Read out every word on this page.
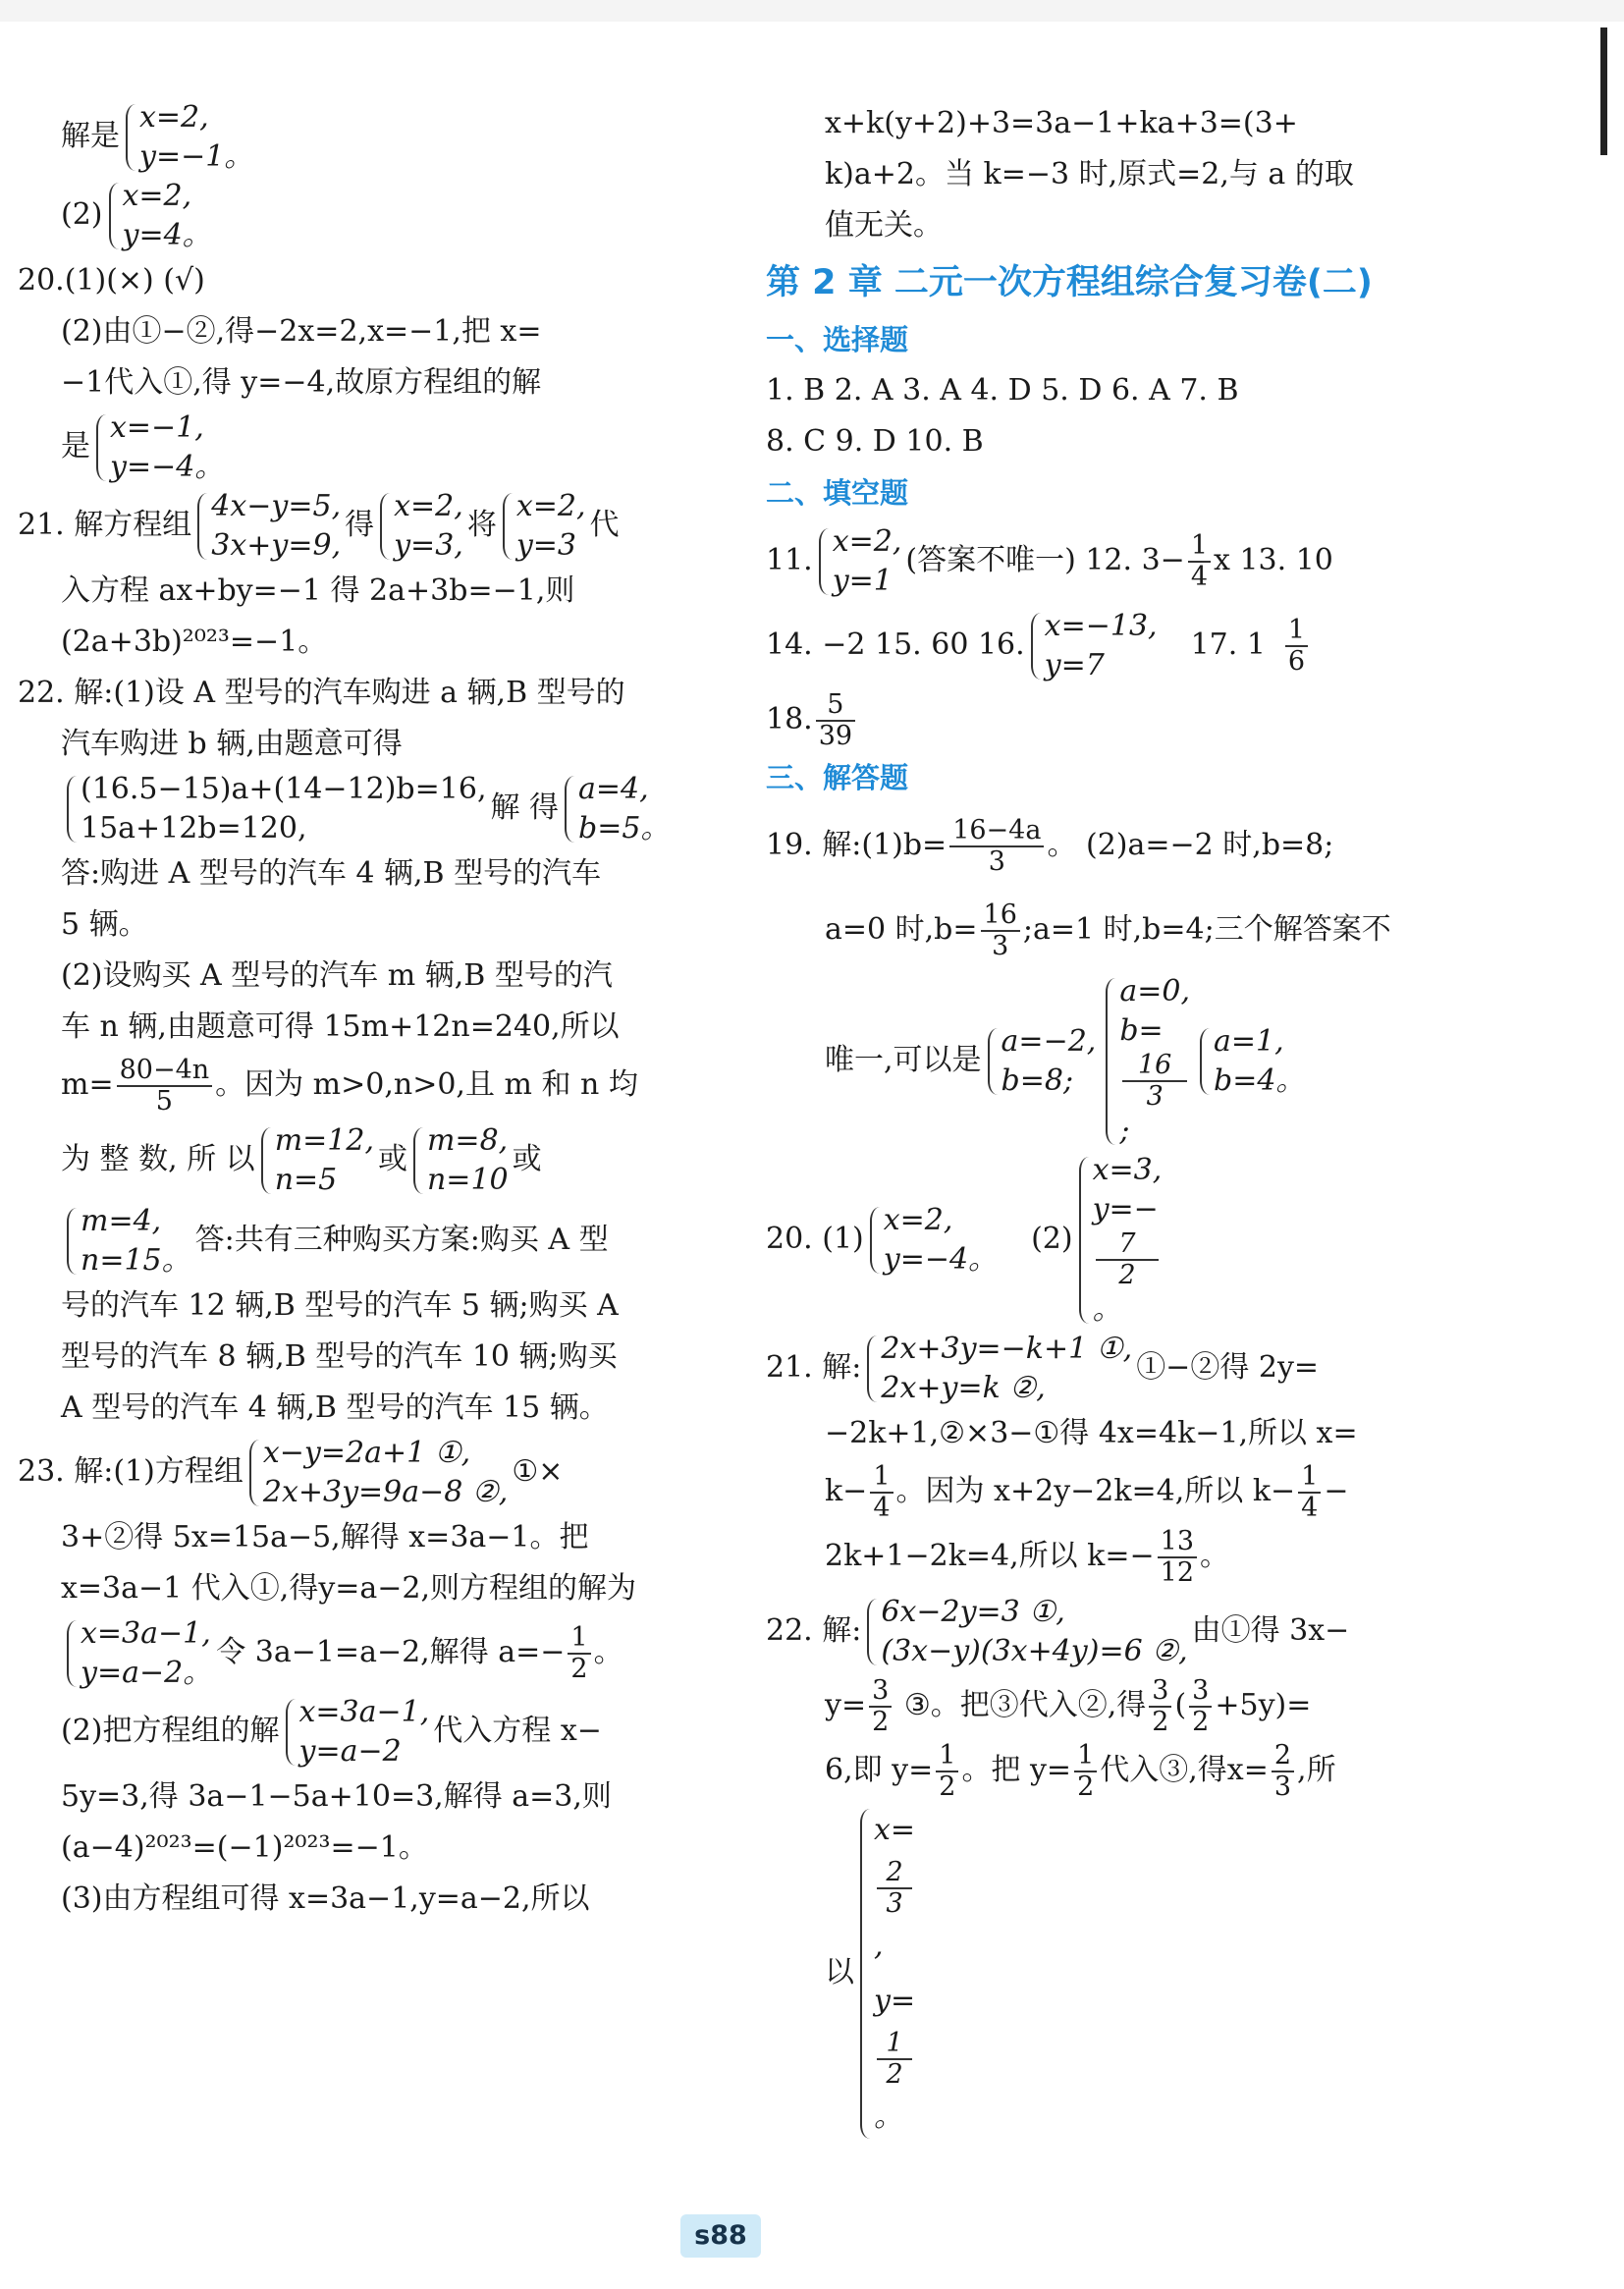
解是
x=2,
y=−1。
(2)
x=2,
y=4。
20.(1)(×) (√)
(2)由①−②,得−2x=2,x=−1,把 x=
−1代入①,得 y=−4,故原方程组的解
是
x=−1,
y=−4。
21. 解方程组
4x−y=5,
3x+y=9,
得
x=2,
y=3,
将
x=2,
y=3
代
入方程 ax+by=−1 得 2a+3b=−1,则
(2a+3b)²⁰²³=−1。
22. 解:(1)设 A 型号的汽车购进 a 辆,B 型号的
汽车购进 b 辆,由题意可得
(16.5−15)a+(14−12)b=16,
15a+12b=120,
解 得
a=4,
b=5。
答:购进 A 型号的汽车 4 辆,B 型号的汽车
5 辆。
(2)设购买 A 型号的汽车 m 辆,B 型号的汽
车 n 辆,由题意可得 15m+12n=240,所以
$m= \frac{80-4n}{5}$ 。因为 m>0,n>0,且 m 和 n 均
为 整 数, 所 以
m=12,
n=5
或
m=8,
n=10
或
m=4,
n=15。
答:共有三种购买方案:购买 A 型
号的汽车 12 辆,B 型号的汽车 5 辆;购买 A
型号的汽车 8 辆,B 型号的汽车 10 辆;购买
A 型号的汽车 4 辆,B 型号的汽车 15 辆。
23. 解:(1)方程组
x−y=2a+1 ①,
2x+3y=9a−8 ②,
①×
3+②得 5x=15a−5,解得 x=3a−1。把
x=3a−1 代入①,得y=a−2,则方程组的解为
x=3a−1,
y=a−2。
令 3a−1=a−2,解得 $a=- \frac{1}{2}$ 。
(2)把方程组的解
x=3a−1,
y=a−2
代入方程 x−
5y=3,得 3a−1−5a+10=3,解得 a=3,则
(a−4)²⁰²³=(−1)²⁰²³=−1。
(3)由方程组可得 x=3a−1,y=a−2,所以
x+k(y+2)+3=3a−1+ka+3=(3+
k)a+2。当 k=−3 时,原式=2,与 a 的取
值无关。
第 2 章 二元一次方程组综合复习卷(二)
一、选择题
1. B 2. A 3. A 4. D 5. D 6. A 7. B
8. C 9. D 10. B
二、填空题
11.
x=2,
y=1
(答案不唯一) 12. $3- \frac{1}{4}$ x 13. 10
14. −2 15. 60 16.
x=−13,
y=7
17. $1 \frac{1}{6}$
18. $\frac{5}{39}$
三、解答题
19. 解:(1)b= $\frac{16-4a}{3}$ 。 (2)a=−2 时,b=8;
a=0 时$,b= \frac{16}{3}$ ;a=1 时,b=4;三个解答案不
唯一,可以是
a=−2,
b=8;
a=0,
b=
16
3
;
a=1,
b=4。
20. (1)
x=2,
y=−4。
(2)
x=3,
y=−
7
2
。
21. 解:
2x+3y=−k+1 ①,
2x+y=k ②,
①−②得 2y=
−2k+1,②×3−①得 4x=4k−1,所以 x=
$k- \frac{1}{4}$ 。因为 x+2y−2k=4,所以 $k- \frac{1}{4}$ −
2k+1−2k=4,所以 $k=- \frac{13}{12}$ 。
22. 解:
6x−2y=3 ①,
(3x−y)(3x+4y)=6 ②,
由①得 3x−
$y= \frac{3}{2}$ ③。把③代入②,得 $\frac{3}{2}$ ( $\frac{3}{2} +5y)=$
6,即 $y= \frac{1}{2}$ 。把 $y= \frac{1}{2}$ 代入③,得$x= \frac{2}{3}$ ,所
以
x=
2
3
,
y=
1
2
。
s88
